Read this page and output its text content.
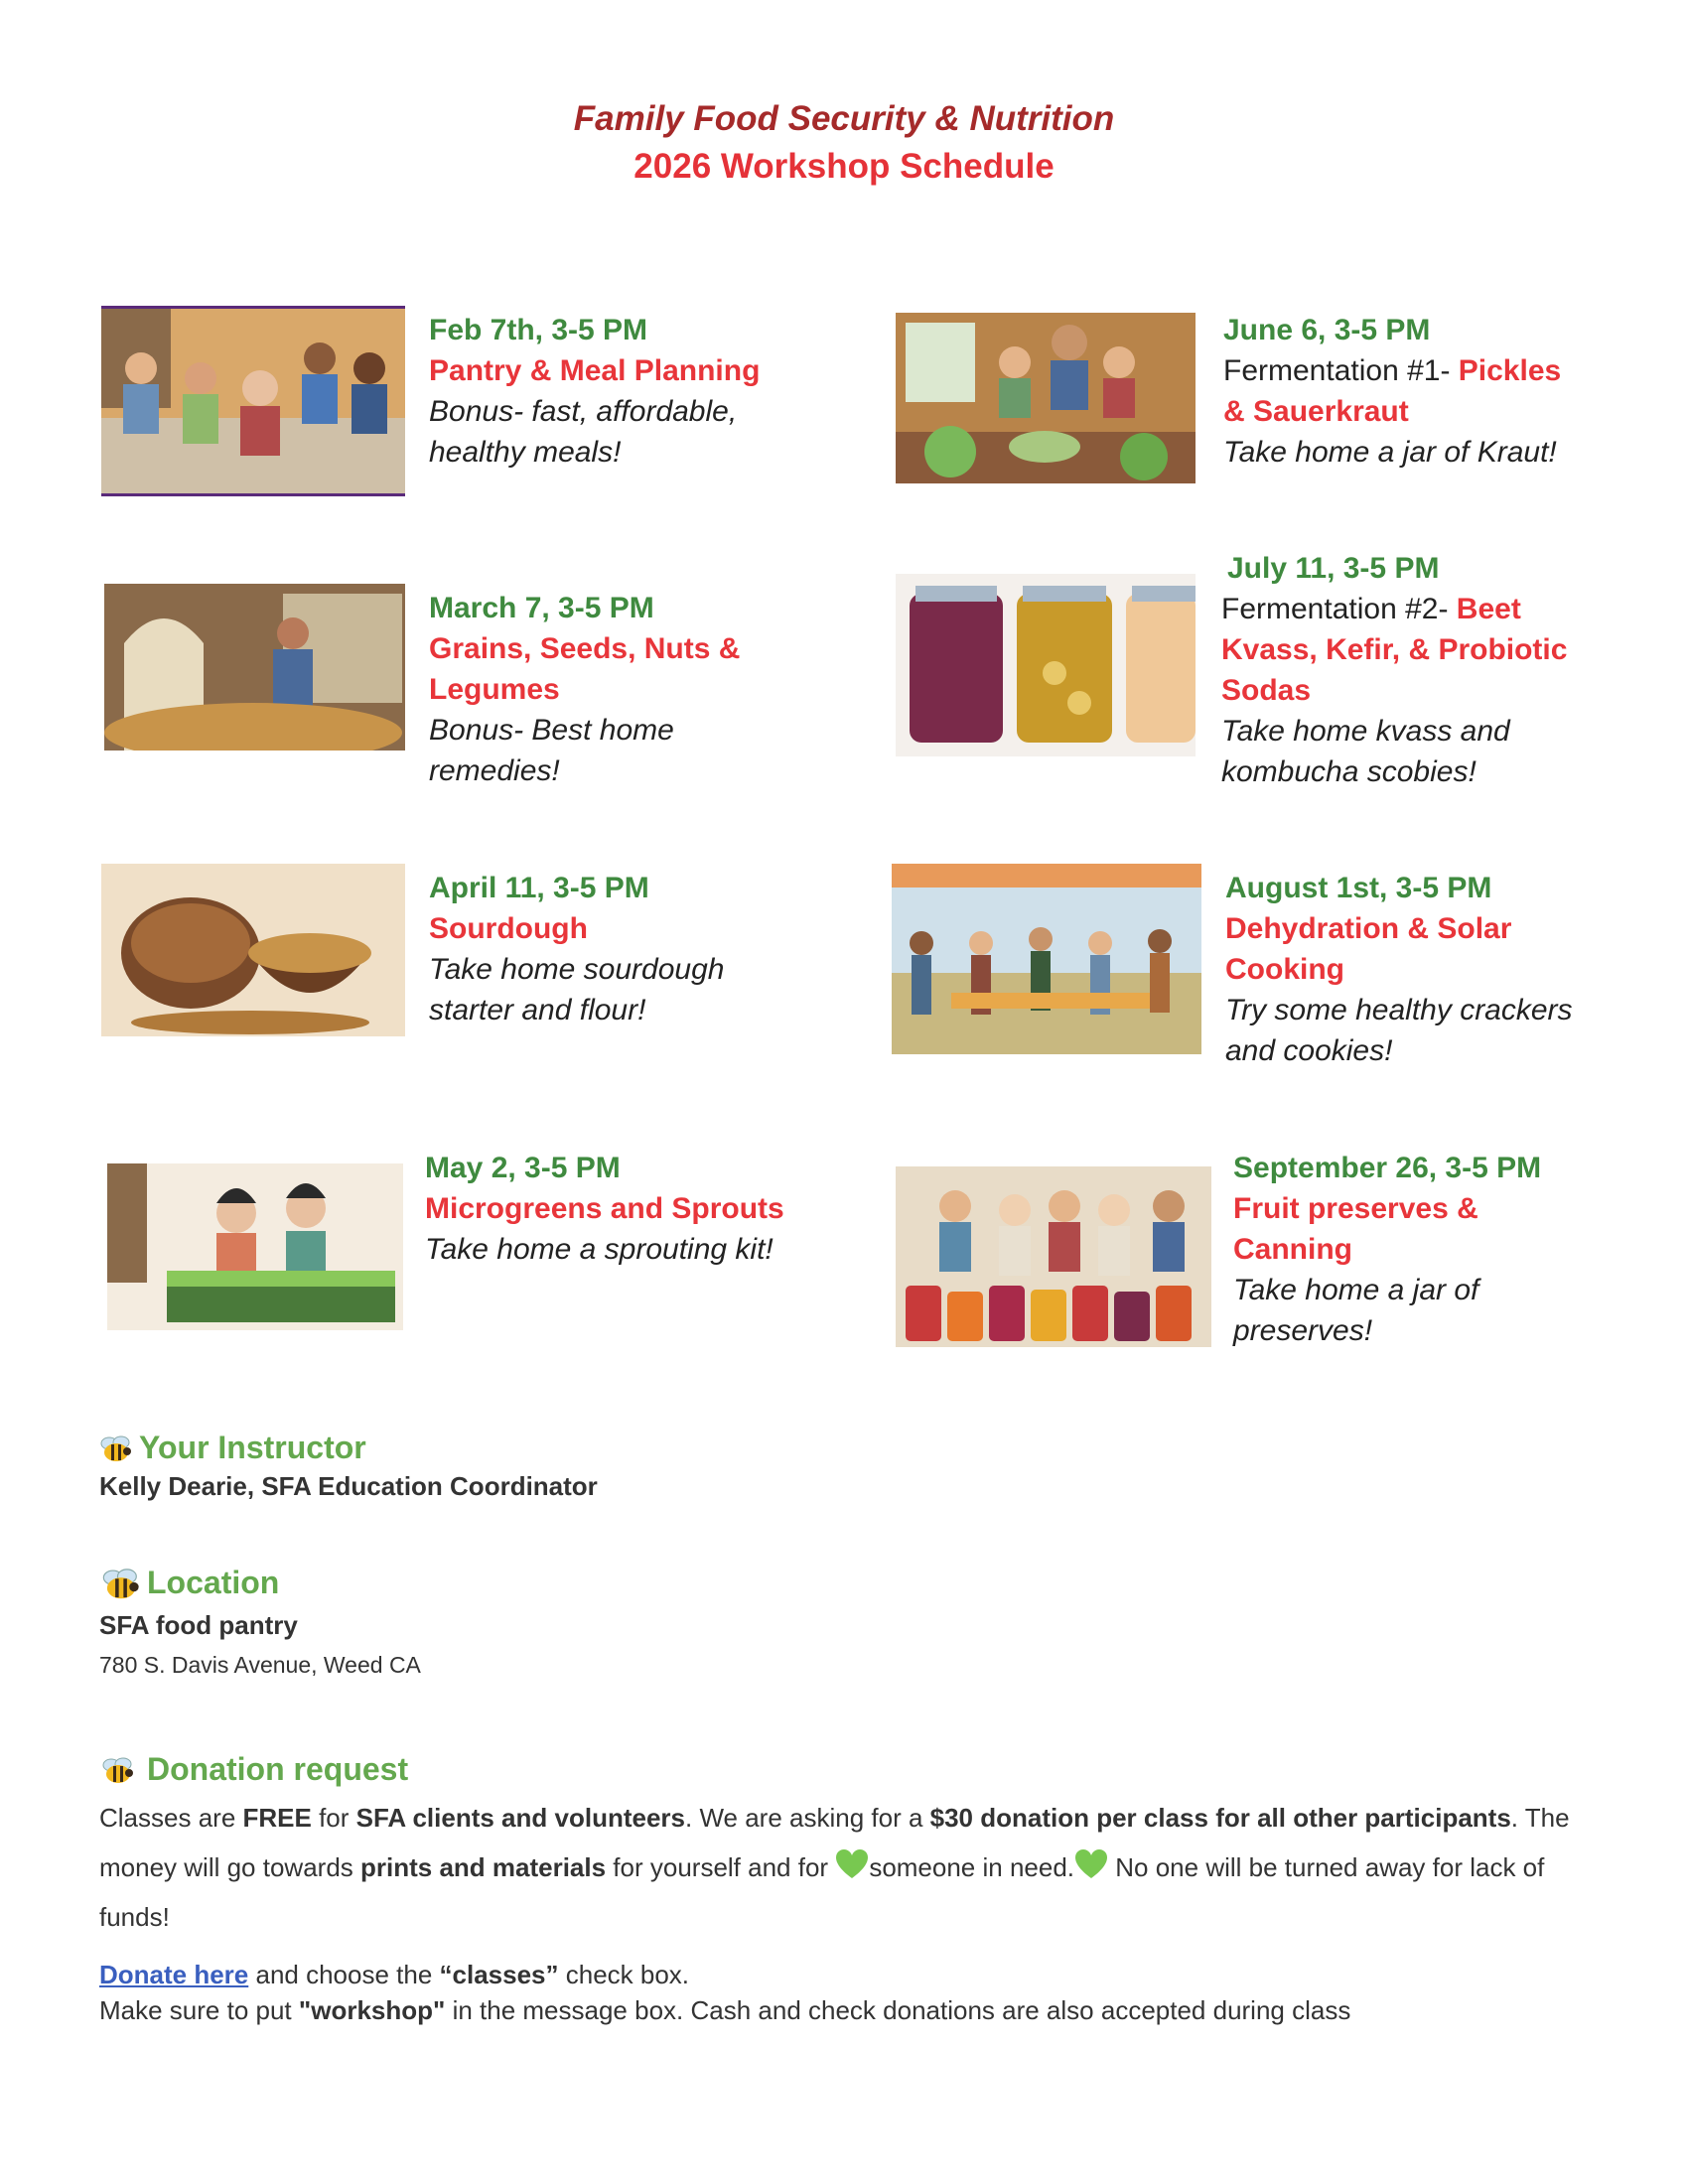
Family Food Security & Nutrition
2026 Workshop Schedule
Feb 7th, 3-5 PM
Pantry & Meal Planning
Bonus- fast, affordable,
healthy meals!
March 7, 3-5 PM
Grains, Seeds, Nuts &
Legumes
Bonus- Best home
remedies!
April 11, 3-5 PM
Sourdough
Take home sourdough
starter and flour!
May 2, 3-5 PM
Microgreens and Sprouts
Take home a sprouting kit!
June 6, 3-5 PM
Fermentation #1- Pickles
& Sauerkraut
Take home a jar of Kraut!
July 11, 3-5 PM
Fermentation #2- Beet
Kvass, Kefir, & Probiotic
Sodas
Take home kvass and
kombucha scobies!
August 1st, 3-5 PM
Dehydration & Solar
Cooking
Try some healthy crackers
and cookies!
September 26, 3-5 PM
Fruit preserves &
Canning
Take home a jar of
preserves!
Your Instructor
Kelly Dearie, SFA Education Coordinator
Location
SFA food pantry
780 S. Davis Avenue, Weed CA
Donation request
Classes are FREE for SFA clients and volunteers. We are asking for a $30 donation per class for all other participants. The money will go towards prints and materials for yourself and for someone in need. No one will be turned away for lack of funds!
Donate here and choose the “classes” check box.
Make sure to put "workshop" in the message box. Cash and check donations are also accepted during class
